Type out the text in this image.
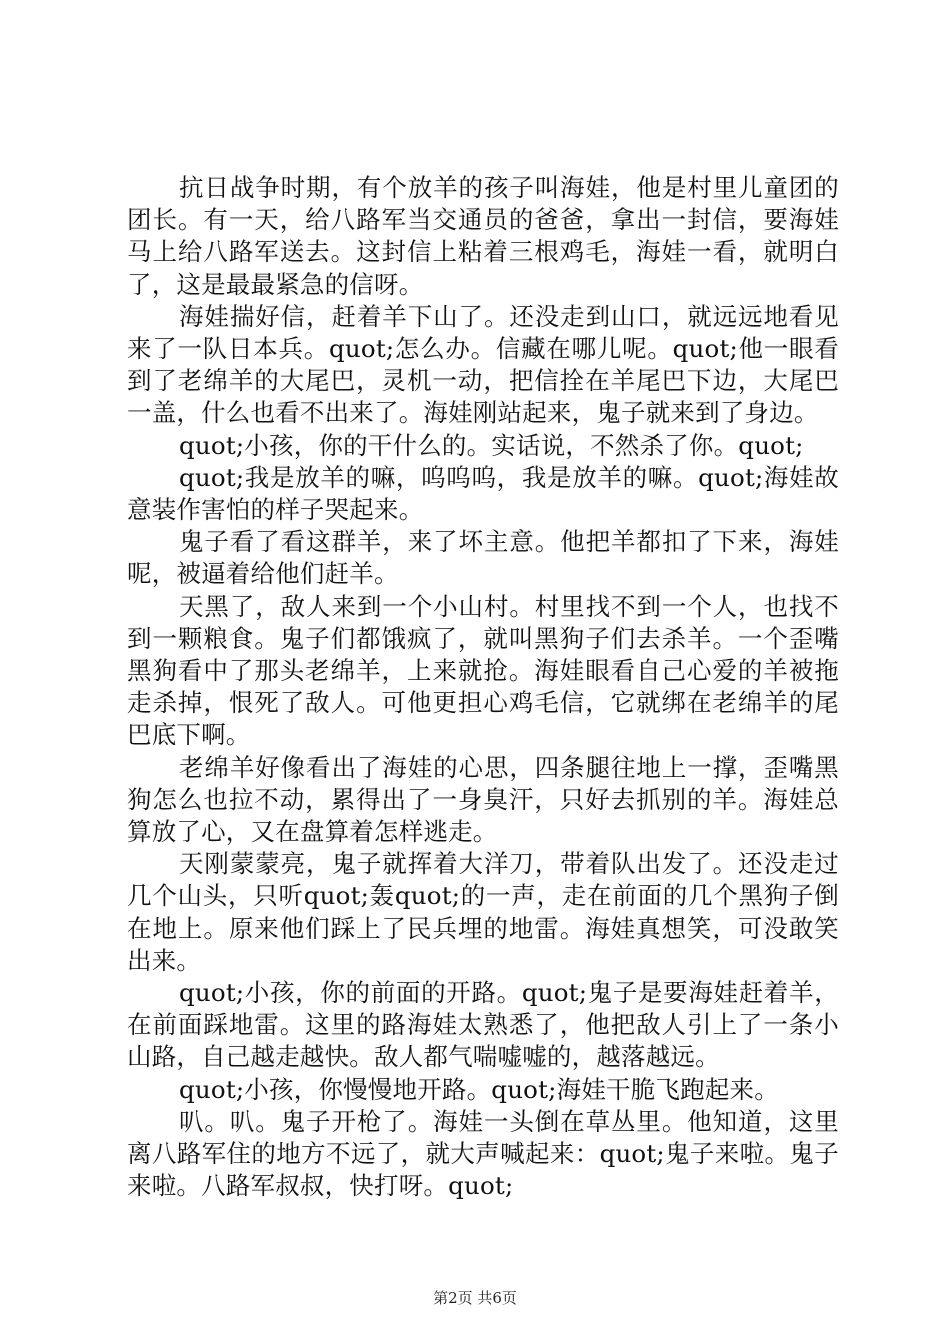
抗日战争时期，有个放羊的孩子叫海娃，他是村里儿童团的团长。有一天，给八路军当交通员的爸爸，拿出一封信，要海娃马上给八路军送去。这封信上粘着三根鸡毛，海娃一看，就明白了，这是最最紧急的信呀。

海娃揣好信，赶着羊下山了。还没走到山口，就远远地看见来了一队日本兵。quot;怎么办。信藏在哪儿呢。quot;他一眼看到了老绵羊的大尾巴，灵机一动，把信拴在羊尾巴下边，大尾巴一盖，什么也看不出来了。海娃刚站起来，鬼子就来到了身边。

quot;小孩，你的干什么的。实话说，不然杀了你。quot;

quot;我是放羊的嘛，呜呜呜，我是放羊的嘛。quot;海娃故意装作害怕的样子哭起来。

鬼子看了看这群羊，来了坏主意。他把羊都扣了下来，海娃呢，被逼着给他们赶羊。

天黑了，敌人来到一个小山村。村里找不到一个人，也找不到一颗粮食。鬼子们都饿疯了，就叫黑狗子们去杀羊。一个歪嘴黑狗看中了那头老绵羊，上来就抢。海娃眼看自己心爱的羊被拖走杀掉，恨死了敌人。可他更担心鸡毛信，它就绑在老绵羊的尾巴底下啊。

老绵羊好像看出了海娃的心思，四条腿往地上一撑，歪嘴黑狗怎么也拉不动，累得出了一身臭汗，只好去抓别的羊。海娃总算放了心，又在盘算着怎样逃走。

天刚蒙蒙亮，鬼子就挥着大洋刀，带着队出发了。还没走过几个山头，只听quot;轰quot;的一声，走在前面的几个黑狗子倒在地上。原来他们踩上了民兵埋的地雷。海娃真想笑，可没敢笑出来。

quot;小孩，你的前面的开路。quot;鬼子是要海娃赶着羊，在前面踩地雷。这里的路海娃太熟悉了，他把敌人引上了一条小山路，自己越走越快。敌人都气喘嘘嘘的，越落越远。

quot;小孩，你慢慢地开路。quot;海娃干脆飞跑起来。

叭。叭。鬼子开枪了。海娃一头倒在草丛里。他知道，这里离八路军住的地方不远了，就大声喊起来：quot;鬼子来啦。鬼子来啦。八路军叔叔，快打呀。quot;

第2页 共6页
